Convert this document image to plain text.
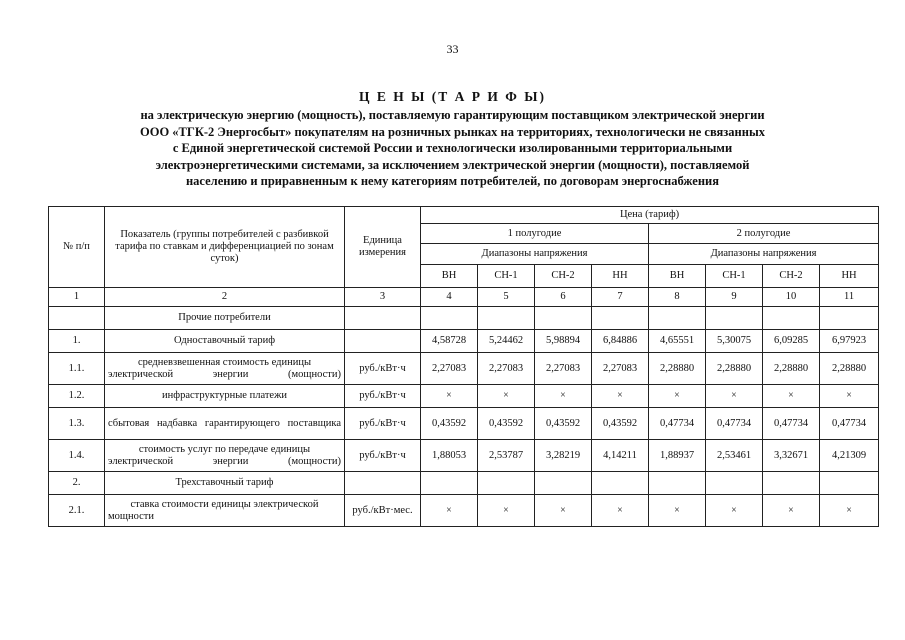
33
Ц Е Н Ы (Т А Р И Ф Ы)
на электрическую энергию (мощность), поставляемую гарантирующим поставщиком электрической энергии
ООО «ТГК-2 Энергосбыт» покупателям на розничных рынках на территориях, технологически не связанных
с Единой энергетической системой России и технологически изолированными территориальными
электроэнергетическими системами, за исключением электрической энергии (мощности), поставляемой
населению и приравненным к нему категориям потребителей, по договорам энергоснабжения
№ п/п	Показатель (группы потребителей с разбивкой тарифа по ставкам и дифференциацией по зонам суток)	Единица измерения	Цена (тариф)							
			1 полугодие				2 полугодие			
			Диапазоны напряжения				Диапазоны напряжения			
			ВН	СН-1	СН-2	НН	ВН	СН-1	СН-2	НН
1	2	3	4	5	6	7	8	9	10	11
	Прочие потребители									
1.	Одноставочный тариф		4,58728	5,24462	5,98894	6,84886	4,65551	5,30075	6,09285	6,97923
1.1.	средневзвешенная стоимость единицы электрической энергии (мощности)	руб./кВт·ч	2,27083	2,27083	2,27083	2,27083	2,28880	2,28880	2,28880	2,28880
1.2.	инфраструктурные платежи	руб./кВт·ч	×	×	×	×	×	×	×	×
1.3.	сбытовая надбавка гарантирующего поставщика	руб./кВт·ч	0,43592	0,43592	0,43592	0,43592	0,47734	0,47734	0,47734	0,47734
1.4.	стоимость услуг по передаче единицы электрической энергии (мощности)	руб./кВт·ч	1,88053	2,53787	3,28219	4,14211	1,88937	2,53461	3,32671	4,21309
2.	Трехставочный тариф									
2.1.	ставка стоимости единицы электрической мощности	руб./кВт·мес.	×	×	×	×	×	×	×	×
